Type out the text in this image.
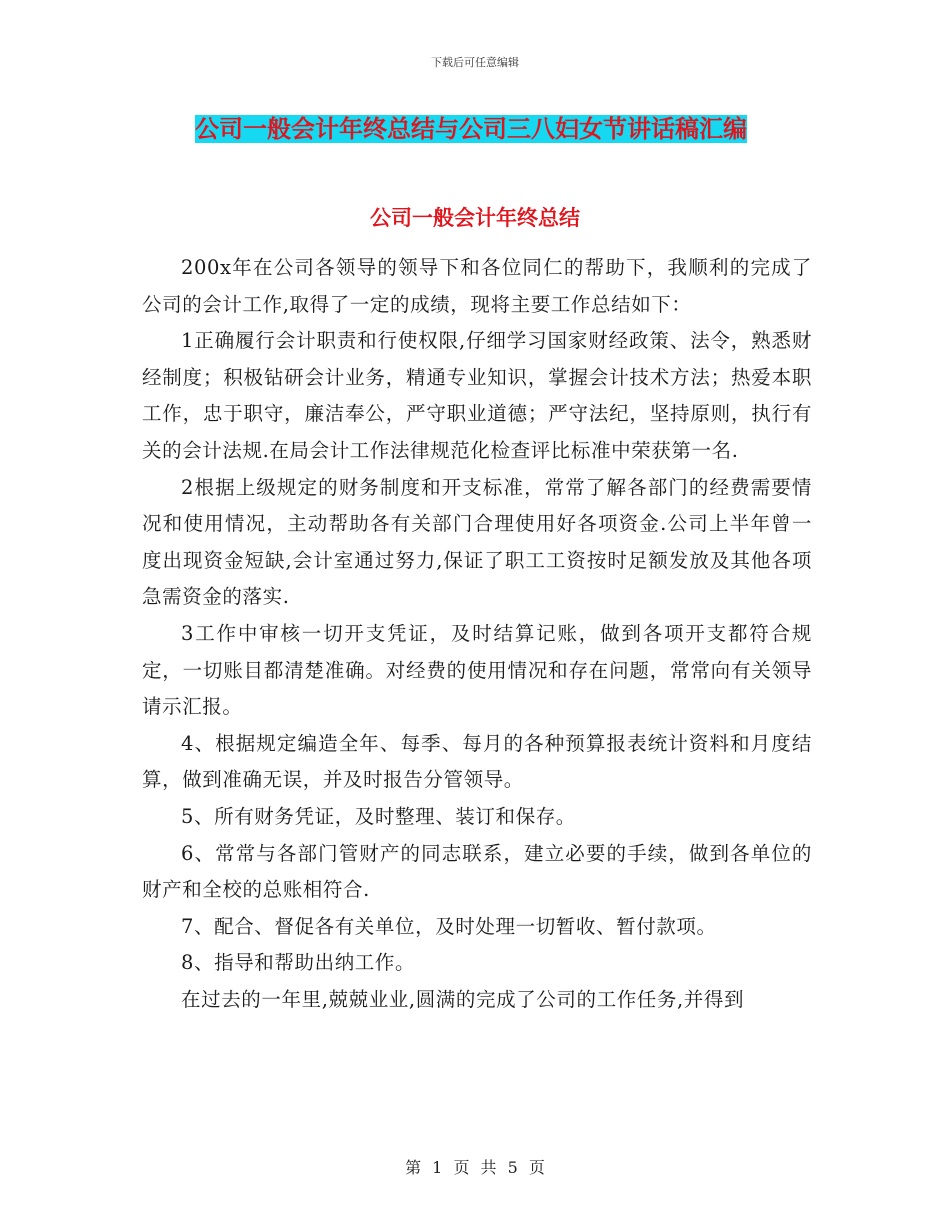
下载后可任意编辑
公司一般会计年终总结与公司三八妇女节讲话稿汇编
公司一般会计年终总结

200x年在公司各领导的领导下和各位同仁的帮助下，我顺利的完成了公司的会计工作,取得了一定的成绩，现将主要工作总结如下：

1正确履行会计职责和行使权限,仔细学习国家财经政策、法令，熟悉财经制度；积极钻研会计业务，精通专业知识，掌握会计技术方法；热爱本职工作，忠于职守，廉洁奉公，严守职业道德；严守法纪，坚持原则，执行有关的会计法规.在局会计工作法律规范化检查评比标准中荣获第一名.

2根据上级规定的财务制度和开支标准，常常了解各部门的经费需要情况和使用情况，主动帮助各有关部门合理使用好各项资金.公司上半年曾一度出现资金短缺,会计室通过努力,保证了职工工资按时足额发放及其他各项急需资金的落实.

3工作中审核一切开支凭证，及时结算记账，做到各项开支都符合规定，一切账目都清楚准确。对经费的使用情况和存在问题，常常向有关领导请示汇报。

4、根据规定编造全年、每季、每月的各种预算报表统计资料和月度结算，做到准确无误，并及时报告分管领导。

5、所有财务凭证，及时整理、装订和保存。

6、常常与各部门管财产的同志联系，建立必要的手续，做到各单位的财产和全校的总账相符合.

7、配合、督促各有关单位，及时处理一切暂收、暂付款项。

8、指导和帮助出纳工作。

在过去的一年里,兢兢业业,圆满的完成了公司的工作任务,并得到

第 1 页 共 5 页
